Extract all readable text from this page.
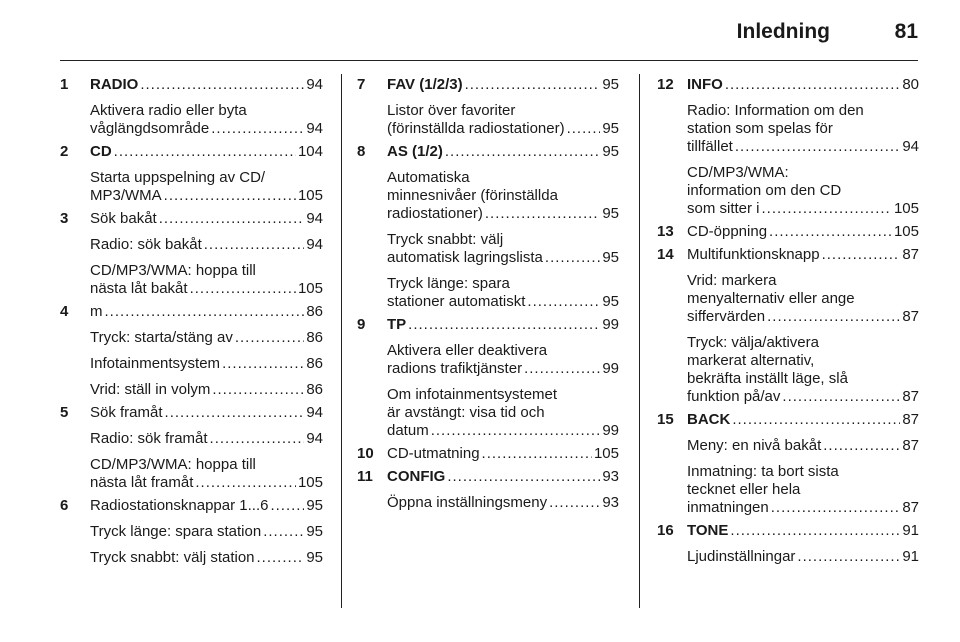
Inledning	81
1 RADIO .....	94
Aktivera radio eller byta
våglängdsområde .....	94
2 CD .....	104
Starta uppspelning av CD/
MP3/WMA .....	105
3 Sök bakåt .....	94
Radio: sök bakåt .....	94
CD/MP3/WMA: hoppa till
nästa låt bakåt .....	105
4 m .....	86
Tryck: starta/stäng av .....	86
Infotainmentsystem .....	86
Vrid: ställ in volym .....	86
5 Sök framåt .....	94
Radio: sök framåt .....	94
CD/MP3/WMA: hoppa till
nästa låt framåt .....	105
6 Radiostationsknappar 1...6 .....	95
Tryck länge: spara station .....	95
Tryck snabbt: välj station .....	95
7 FAV (1/2/3) .....	95
Listor över favoriter
(förinställda radiostationer) .....	95
8 AS (1/2) .....	95
Automatiska
minnesnivåer (förinställda
radiostationer) .....	95
Tryck snabbt: välj
automatisk lagringslista .....	95
Tryck länge: spara
stationer automatiskt .....	95
9 TP .....	99
Aktivera eller deaktivera
radions trafiktjänster .....	99
Om infotainmentsystemet
är avstängt: visa tid och
datum .....	99
10 CD-utmatning .....	105
11 CONFIG .....	93
Öppna inställningsmeny .....	93
12 INFO .....	80
Radio: Information om den
station som spelas för
tillfället .....	94
CD/MP3/WMA:
information om den CD
som sitter i .....	105
13 CD-öppning .....	105
14 Multifunktionsknapp .....	87
Vrid: markera
menyalternativ eller ange
siffervärden .....	87
Tryck: välja/aktivera
markerat alternativ,
bekräfta inställt läge, slå
funktion på/av .....	87
15 BACK .....	87
Meny: en nivå bakåt .....	87
Inmatning: ta bort sista
tecknet eller hela
inmatningen .....	87
16 TONE .....	91
Ljudinställningar .....	91
